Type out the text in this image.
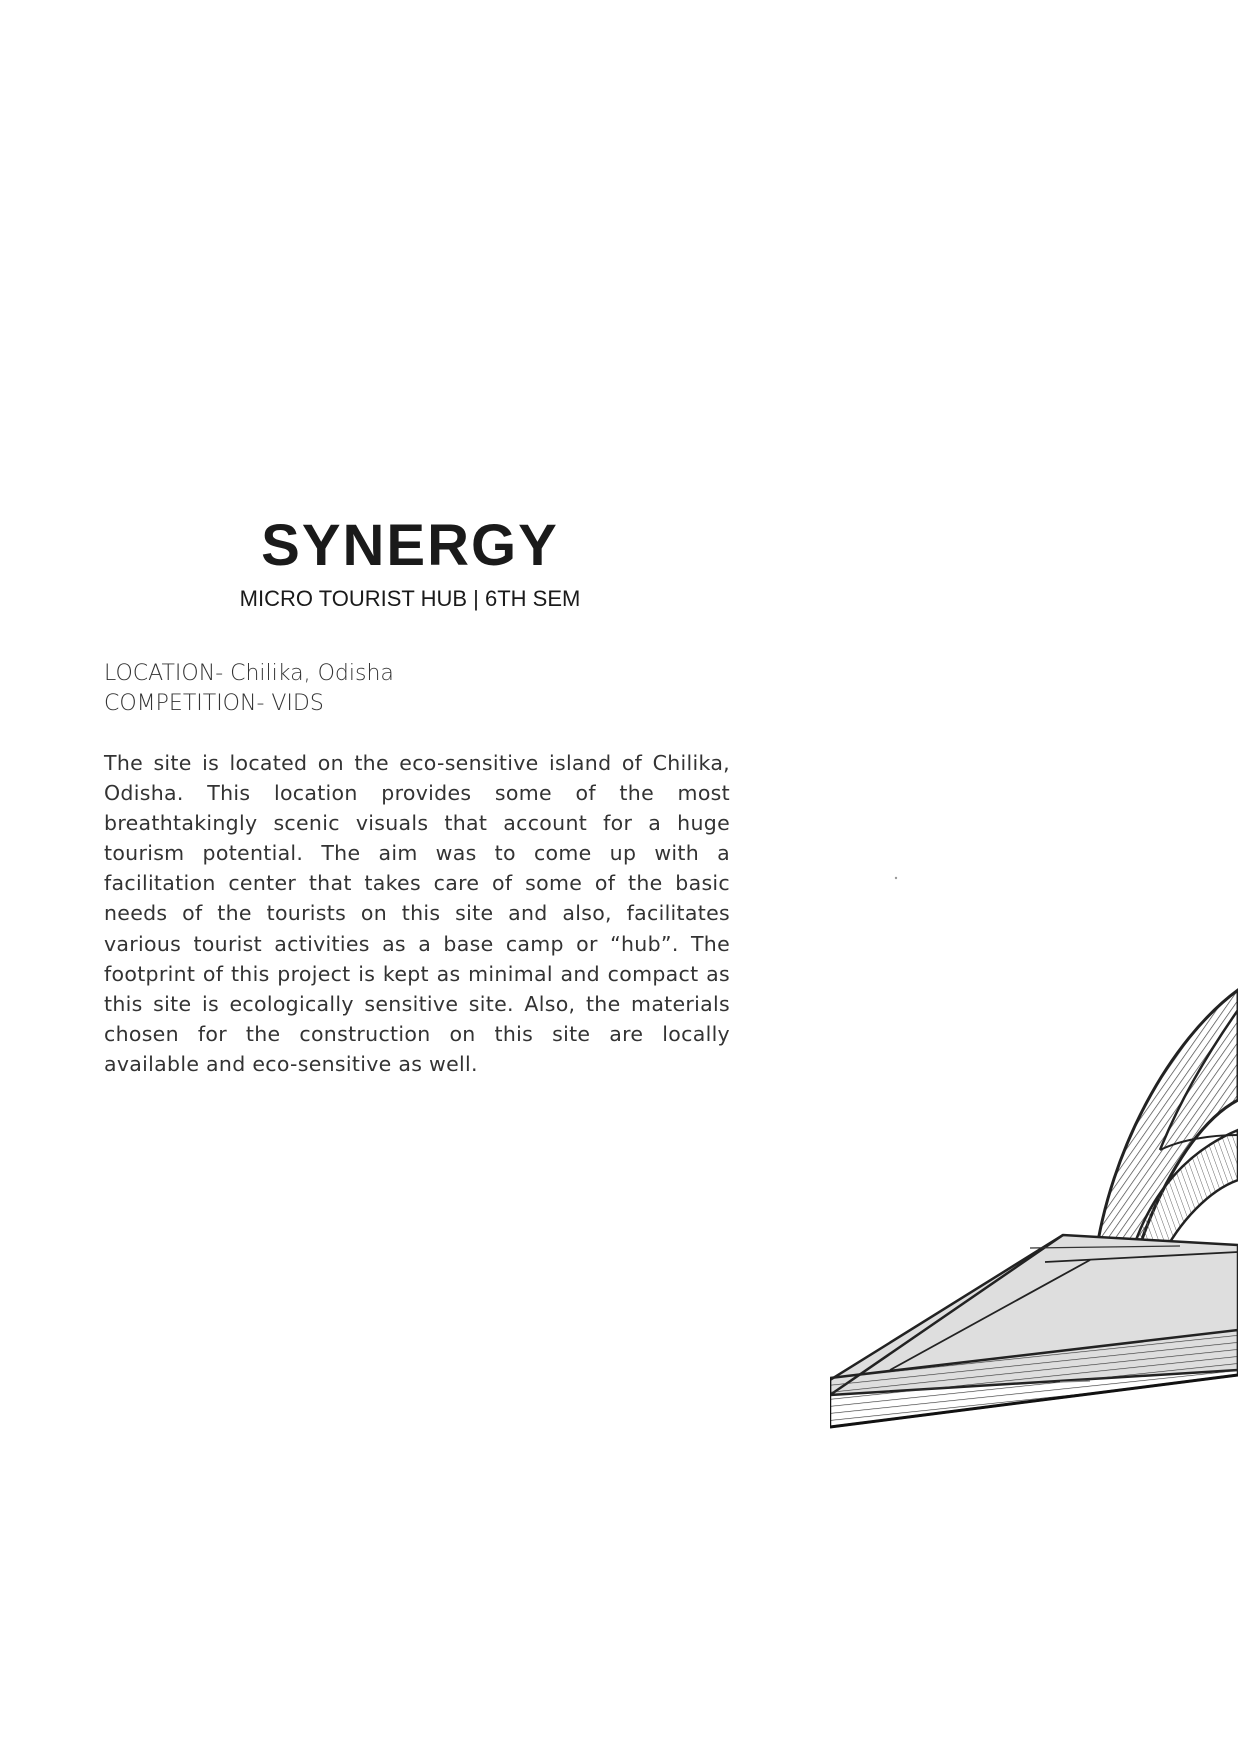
SYNERGY

MICRO TOURIST HUB | 6TH SEM

LOCATION- Chilika, Odisha
COMPETITION- VIDS

The site is located on the eco-sensitive island of Chilika, Odisha. This location provides some of the most breathtakingly scenic visuals that account for a huge tourism potential. The aim was to come up with a facilitation center that takes care of some of the basic needs of the tourists on this site and also, facilitates various tourist activities as a base camp or “hub”. The footprint of this project is kept as minimal and compact as this site is ecologically sensitive site. Also, the materials chosen for the construction on this site are locally available and eco-sensitive as well.
